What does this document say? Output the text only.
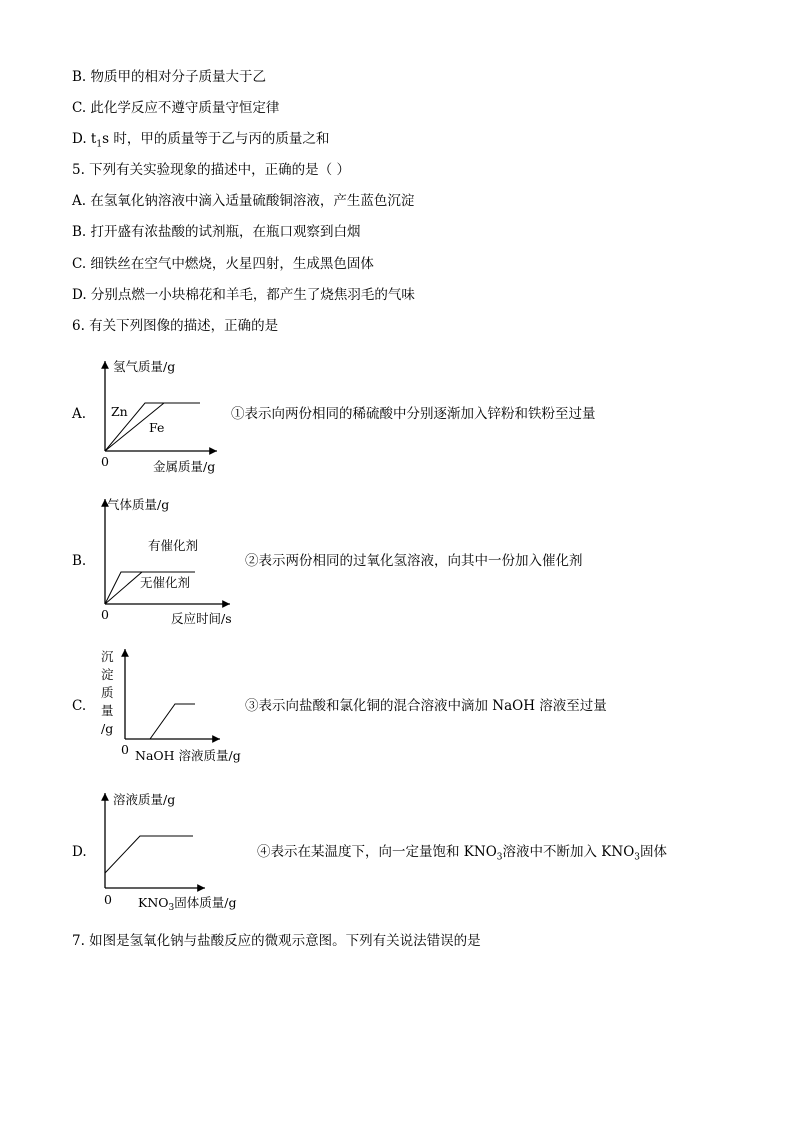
B. 物质甲的相对分子质量大于乙
C. 此化学反应不遵守质量守恒定律
D. $t_1s$ 时，甲的质量等于乙与丙的质量之和
5. 下列有关实验现象的描述中，正确的是（ ）
A. 在氢氧化钠溶液中滴入适量硫酸铜溶液，产生蓝色沉淀
B. 打开盛有浓盐酸的试剂瓶，在瓶口观察到白烟
C. 细铁丝在空气中燃烧，火星四射，生成黑色固体
D. 分别点燃一小块棉花和羊毛，都产生了烧焦羽毛的气味
6. 有关下列图像的描述，正确的是
A.
氢气质量/g
Zn
Fe
0	金属质量/g
①表示向两份相同的稀硫酸中分别逐渐加入锌粉和铁粉至过量
B.
气体质量/g
有催化剂
无催化剂
0	反应时间/s
②表示两份相同的过氧化氢溶液，向其中一份加入催化剂
C.
沉
淀
质
量
/g
0 NaOH 溶液质量/g
③表示向盐酸和氯化铜的混合溶液中滴加 NaOH 溶液至过量
D.
溶液质量/g
0 $KNO_3$固体质量/g
④表示在某温度下，向一定量饱和 $KNO_3$溶液中不断加入 $KNO_3$固体
7. 如图是氢氧化钠与盐酸反应的微观示意图。下列有关说法错误的是
